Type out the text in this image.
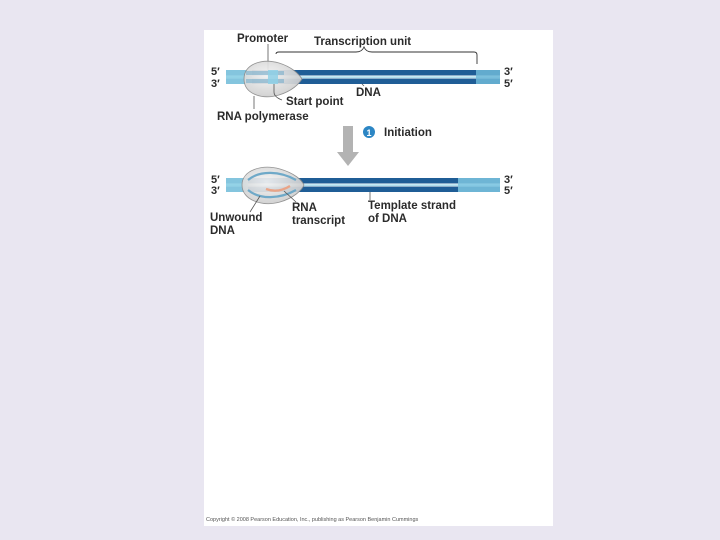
Promoter Transcription unit
5′
3′
3′
5′
DNA
Start point
RNA polymerase
1 Initiation
5′
3′
3′
5′
Unwound
DNA
RNA
transcript
Template strand
of DNA
Copyright © 2008 Pearson Education, Inc., publishing as Pearson Benjamin Cummings
